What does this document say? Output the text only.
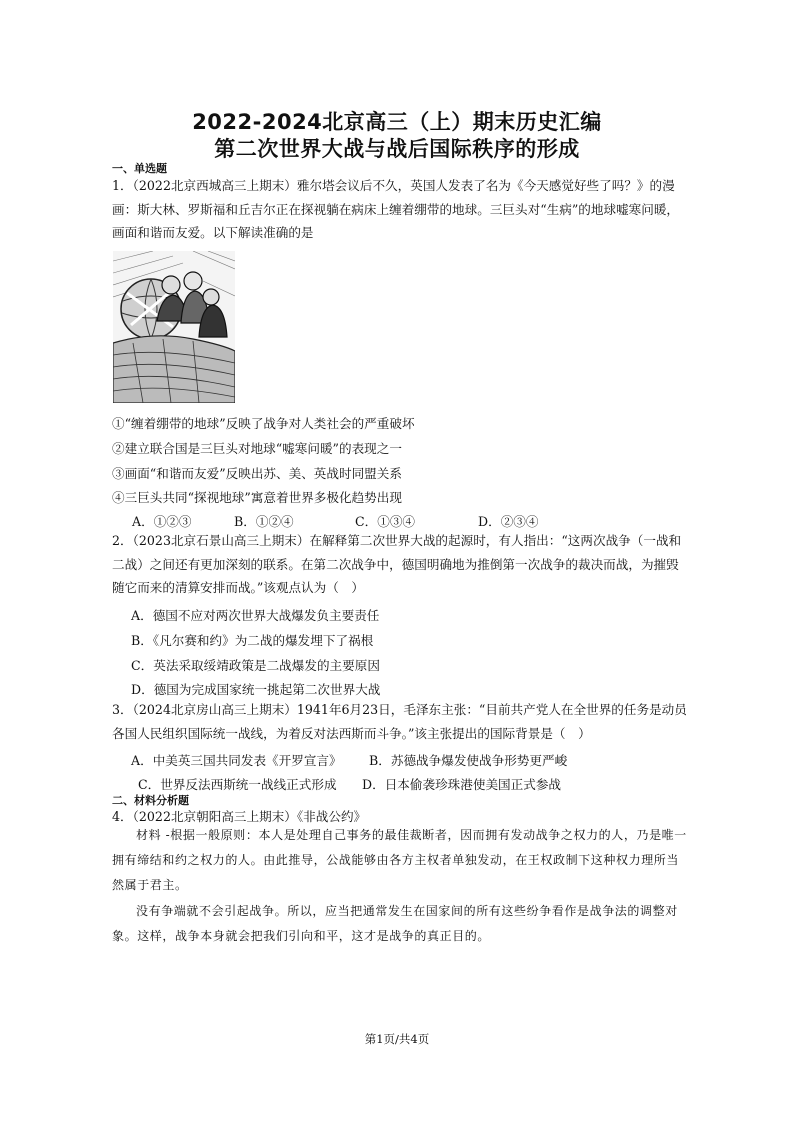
2022-2024北京高三（上）期末历史汇编
第二次世界大战与战后国际秩序的形成
一、单选题
1．（2022北京西城高三上期末）雅尔塔会议后不久，英国人发表了名为《今天感觉好些了吗？》的漫画：斯大林、罗斯福和丘吉尔正在探视躺在病床上缠着绷带的地球。三巨头对“生病”的地球嘘寒问暖，画面和谐而友爱。以下解读准确的是
①“缠着绷带的地球”反映了战争对人类社会的严重破坏
②建立联合国是三巨头对地球“嘘寒问暖”的表现之一
③画面“和谐而友爱”反映出苏、美、英战时同盟关系
④三巨头共同“探视地球”寓意着世界多极化趋势出现
A．①②③	B．①②④	C．①③④	D．②③④
2．（2023北京石景山高三上期末）在解释第二次世界大战的起源时，有人指出：“这两次战争（一战和二战）之间还有更加深刻的联系。在第二次战争中，德国明确地为推倒第一次战争的裁决而战，为摧毁随它而来的清算安排而战。”该观点认为（　）
A．德国不应对两次世界大战爆发负主要责任
B．《凡尔赛和约》为二战的爆发埋下了祸根
C．英法采取绥靖政策是二战爆发的主要原因
D．德国为完成国家统一挑起第二次世界大战
3．（2024北京房山高三上期末）1941年6月23日，毛泽东主张：“目前共产党人在全世界的任务是动员各国人民组织国际统一战线，为着反对法西斯而斗争。”该主张提出的国际背景是（　）
A．中美英三国共同发表《开罗宣言》 B．苏德战争爆发使战争形势更严峻
C．世界反法西斯统一战线正式形成 D．日本偷袭珍珠港使美国正式参战
二、材料分析题
4．（2022北京朝阳高三上期末）《非战公约》
材料 -根据一般原则：本人是处理自己事务的最佳裁断者，因而拥有发动战争之权力的人，乃是唯一拥有缔结和约之权力的人。由此推导，公战能够由各方主权者单独发动，在王权政制下这种权力理所当然属于君主。
没有争端就不会引起战争。所以，应当把通常发生在国家间的所有这些纷争看作是战争法的调整对象。这样，战争本身就会把我们引向和平，这才是战争的真正目的。
第1页/共4页
